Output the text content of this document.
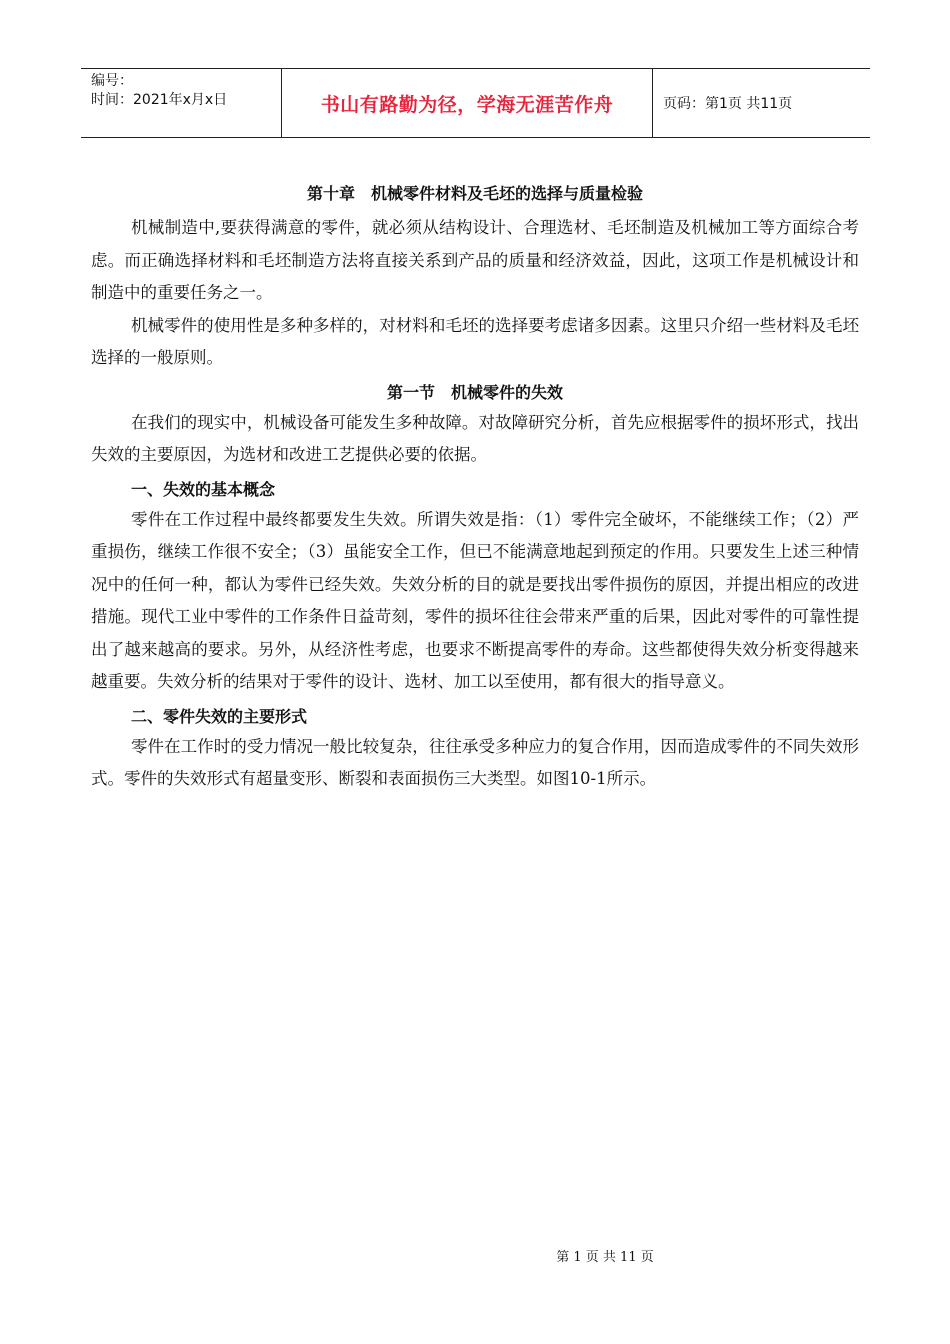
编号：
时间：2021年x月x日	书山有路勤为径，学海无涯苦作舟	页码：第1页 共11页
第十章　机械零件材料及毛坯的选择与质量检验

机械制造中,要获得满意的零件，就必须从结构设计、合理选材、毛坯制造及机械加工等方面综合考虑。而正确选择材料和毛坯制造方法将直接关系到产品的质量和经济效益，因此，这项工作是机械设计和制造中的重要任务之一。

机械零件的使用性是多种多样的，对材料和毛坯的选择要考虑诸多因素。这里只介绍一些材料及毛坯选择的一般原则。

第一节　机械零件的失效

在我们的现实中，机械设备可能发生多种故障。对故障研究分析，首先应根据零件的损坏形式，找出失效的主要原因，为选材和改进工艺提供必要的依据。

一、失效的基本概念

零件在工作过程中最终都要发生失效。所谓失效是指：（1）零件完全破坏，不能继续工作；（2）严重损伤，继续工作很不安全；（3）虽能安全工作，但已不能满意地起到预定的作用。只要发生上述三种情况中的任何一种，都认为零件已经失效。失效分析的目的就是要找出零件损伤的原因，并提出相应的改进措施。现代工业中零件的工作条件日益苛刻，零件的损坏往往会带来严重的后果，因此对零件的可靠性提出了越来越高的要求。另外，从经济性考虑，也要求不断提高零件的寿命。这些都使得失效分析变得越来越重要。失效分析的结果对于零件的设计、选材、加工以至使用，都有很大的指导意义。

二、零件失效的主要形式

零件在工作时的受力情况一般比较复杂，往往承受多种应力的复合作用，因而造成零件的不同失效形式。零件的失效形式有超量变形、断裂和表面损伤三大类型。如图10-1所示。

第 1 页 共 11 页
